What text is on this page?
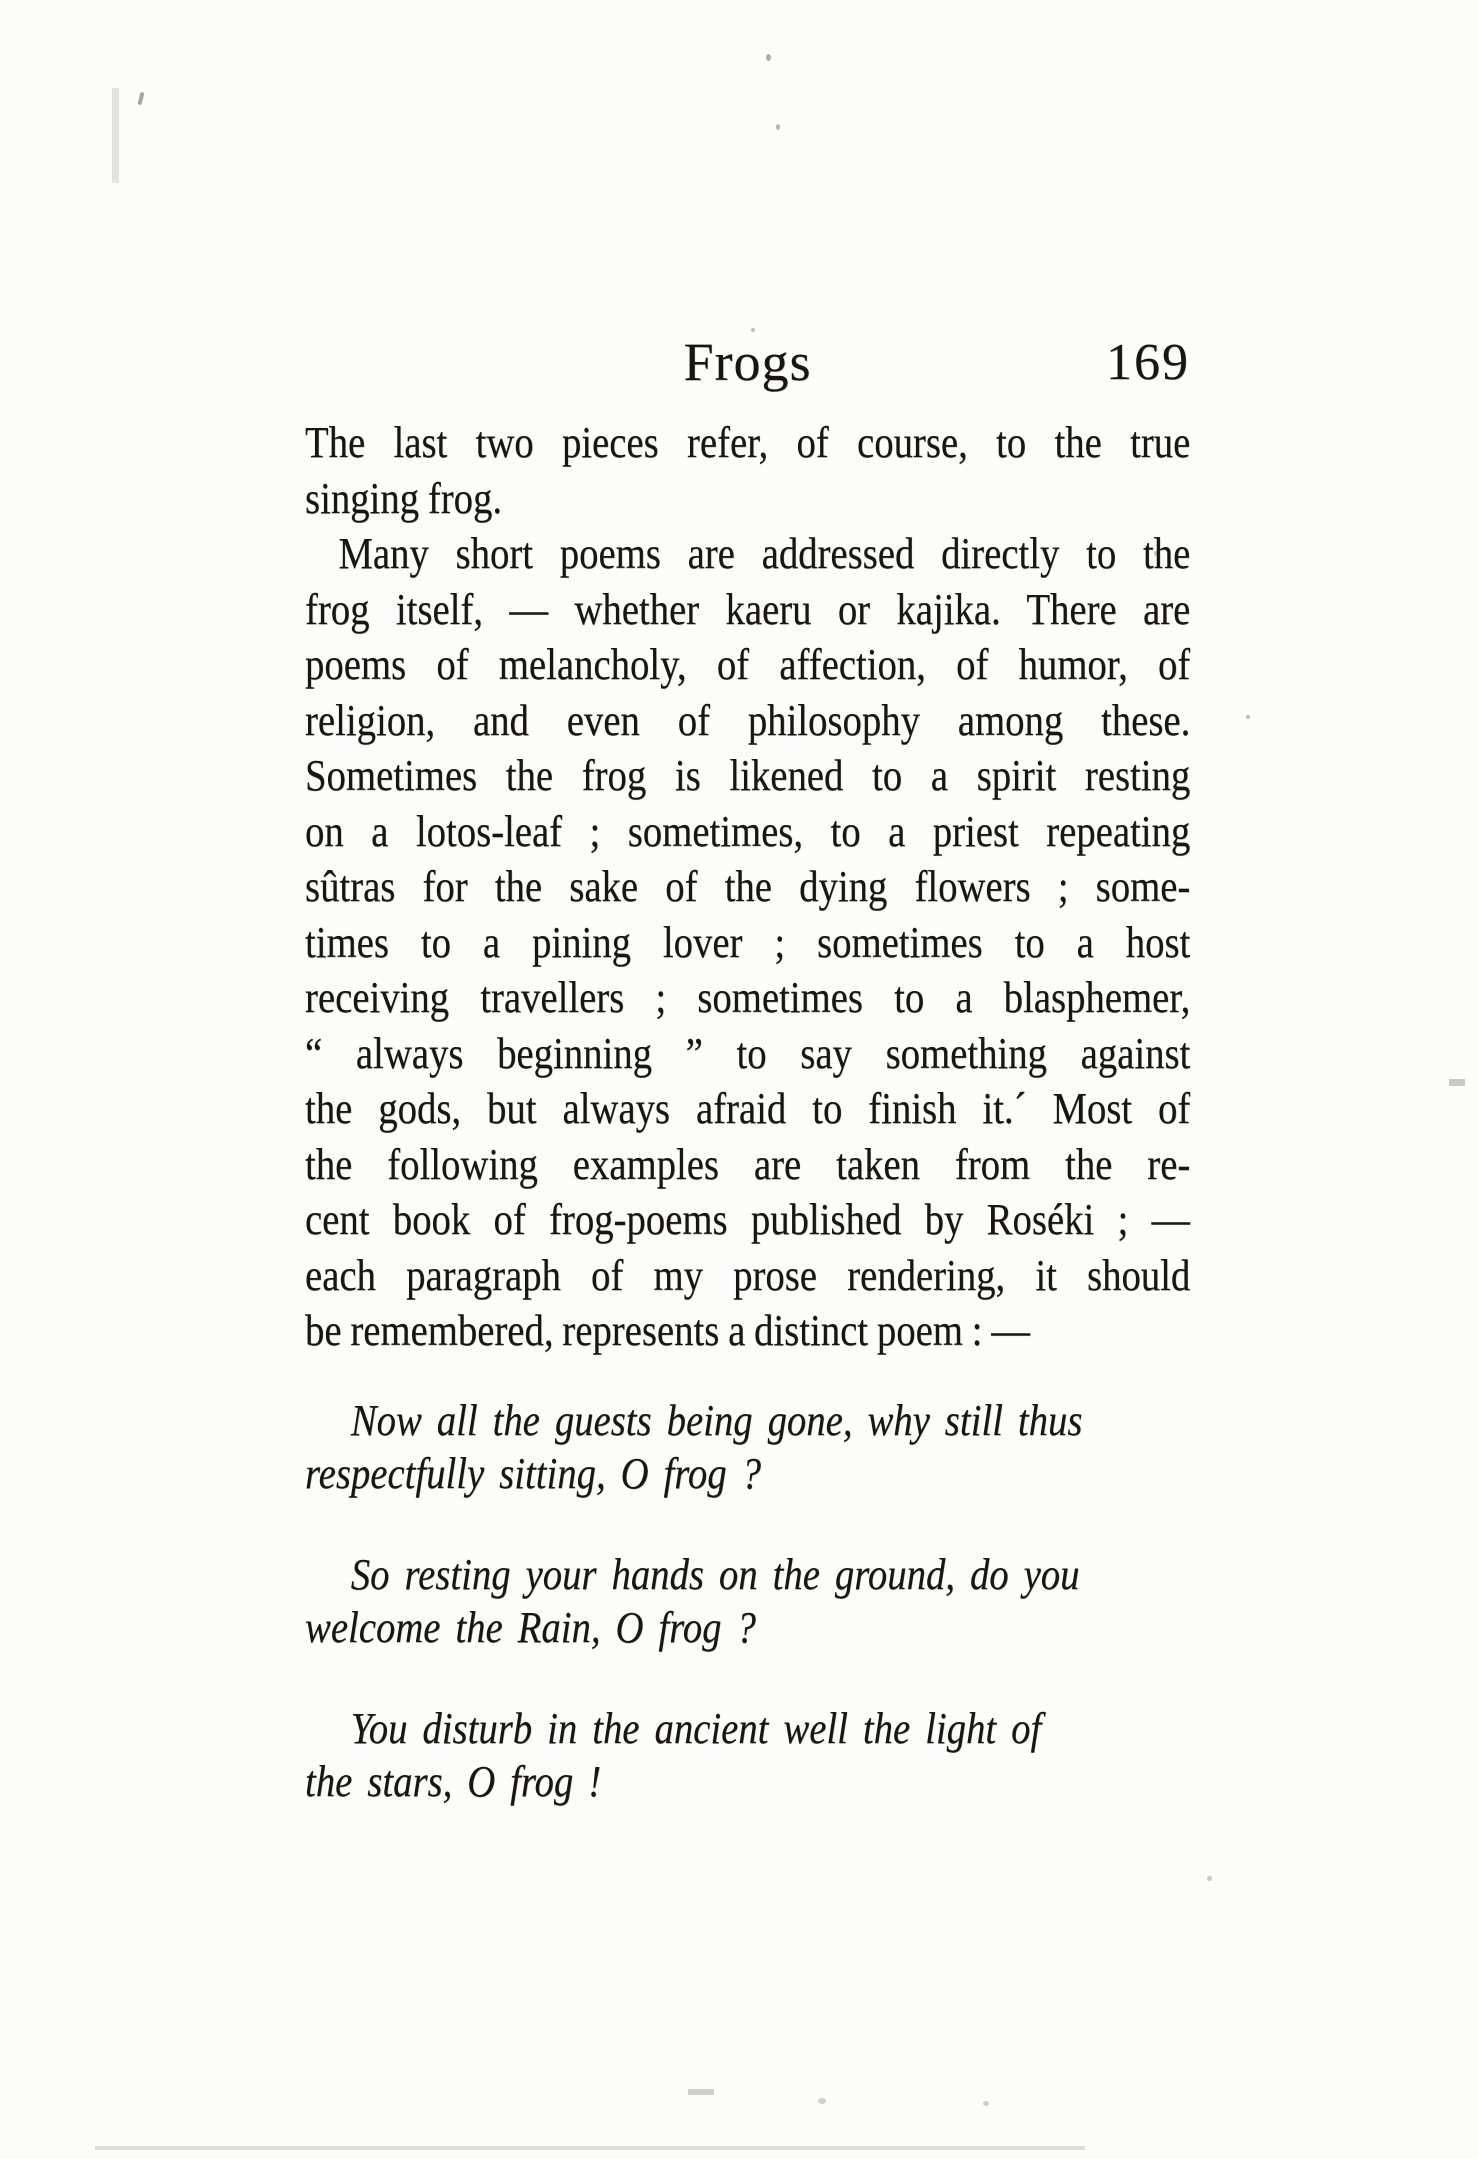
Frogs	169
The last two pieces refer, of course, to the true
singing frog.
Many short poems are addressed directly to the
frog itself, — whether kaeru or kajika. There are
poems of melancholy, of affection, of humor, of
religion, and even of philosophy among these.
Sometimes the frog is likened to a spirit resting
on a lotos-leaf ; sometimes, to a priest repeating
sûtras for the sake of the dying flowers ; some-
times to a pining lover ; sometimes to a host
receiving travellers ; sometimes to a blasphemer,
“ always beginning ” to say something against
the gods, but always afraid to finish it.´ Most of
the following examples are taken from the re-
cent book of frog-poems published by Roséki ; —
each paragraph of my prose rendering, it should
be remembered, represents a distinct poem : —
Now all the guests being gone, why still thus
respectfully sitting, O frog ?
So resting your hands on the ground, do you
welcome the Rain, O frog ?
You disturb in the ancient well the light of
the stars, O frog !
